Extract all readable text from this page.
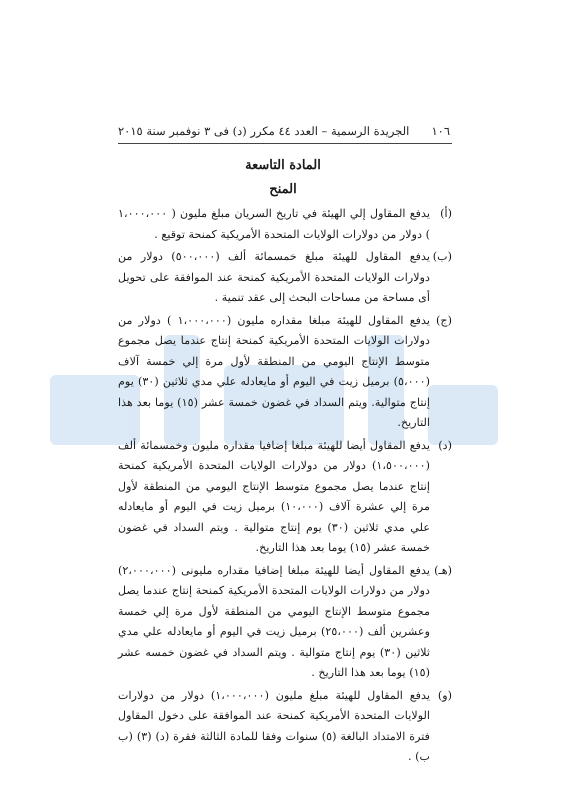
١٠٦
الجريدة الرسمية – العدد ٤٤ مكرر (د) فى ٣ نوفمبر سنة ٢٠١٥
المادة التاسعة
المنح
(أ)
يدفع المقاول إلي الهيئة في تاريخ السريان مبلغ مليون ( ١،٠٠٠،٠٠٠ ) دولار من دولارات الولايات المتحدة الأمريكية كمنحة توقيع .
(ب)
يدفع المقاول للهيئة مبلغ خمسمائة ألف (٥٠٠،٠٠٠) دولار من دولارات الولايات المتحدة الأمريكية كمنحة عند الموافقة على تحويل أى مساحة من مساحات البحث إلى عقد تنمية .
(ج)
يدفع المقاول للهيئة مبلغا مقداره مليون (١،٠٠٠،٠٠٠ ) دولار من دولارات الولايات المتحدة الأمريكية كمنحة إنتاج عندما يصل مجموع متوسط الإنتاج اليومي من المنطقة لأول مرة إلي خمسة آلاف (٥،٠٠٠) برميل زيت في اليوم أو مايعادله علي مدي ثلاثين (٣٠) يوم إنتاج متوالية. ويتم السداد في غضون خمسة عشر (١٥) يوما بعد هذا التاريخ.
(د)
يدفع المقاول أيضا للهيئة مبلغا إضافيا مقداره مليون وخمسمائة ألف (١،٥٠٠،٠٠٠) دولار من دولارات الولايات المتحدة الأمريكية كمنحة إنتاج عندما يصل مجموع متوسط الإنتاج اليومي من المنطقة لأول مرة إلي عشرة آلاف (١٠،٠٠٠) برميل زيت في اليوم أو مايعادله علي مدي ثلاثين (٣٠) يوم إنتاج متوالية . ويتم السداد في غضون خمسة عشر (١٥) يوما بعد هذا التاريخ.
(هـ)
يدفع المقاول أيضا للهيئة مبلغا إضافيا مقداره مليونى (٢،٠٠٠،٠٠٠) دولار من دولارات الولايات المتحدة الأمريكية كمنحة إنتاج عندما يصل مجموع متوسط الإنتاج اليومي من المنطقة لأول مرة إلي خمسة وعشرين ألف (٢٥،٠٠٠) برميل زيت في اليوم أو مايعادله علي مدي ثلاثين (٣٠) يوم إنتاج متوالية . ويتم السداد في غضون خمسه عشر (١٥) يوما بعد هذا التاريخ .
(و)
يدفع المقاول للهيئة مبلغ مليون (١،٠٠٠،٠٠٠) دولار من دولارات الولايات المتحدة الأمريكية كمنحة عند الموافقة على دخول المقاول فترة الامتداد البالغة (٥) سنوات وفقا للمادة الثالثة فقرة (د) (٣) (ب ب) .
